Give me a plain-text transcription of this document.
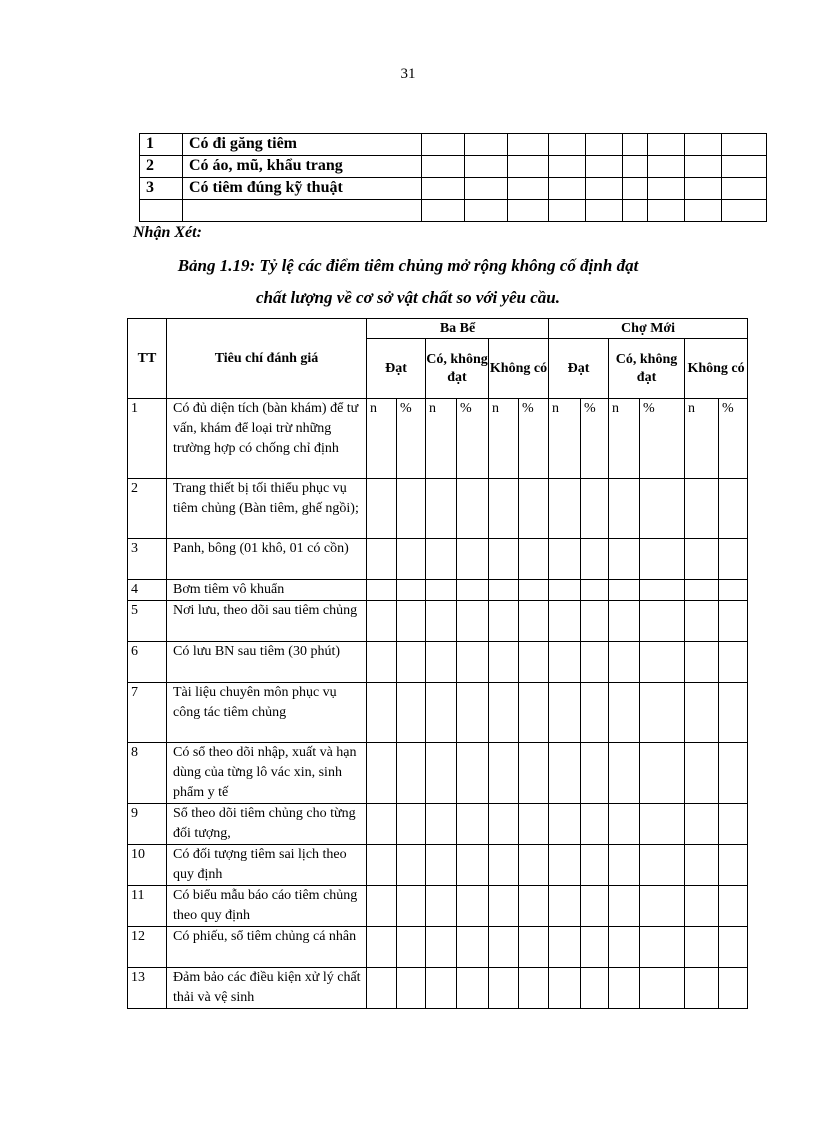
31
1	Có đi găng tiêm									
2	Có áo, mũ, khẩu trang									
3	Có tiêm đúng kỹ thuật									

Nhận Xét:
Bảng 1.19: Tỷ lệ các điểm tiêm chủng mở rộng không cố định đạt
chất lượng về cơ sở vật chất so với yêu cầu.
TT	Tiêu chí đánh giá	Ba Bể						Chợ Mới					
		Đạt		Có, không đạt		Không có		Đạt		Có, không đạt		Không có	
1	Có đủ diện tích (bàn khám) để tư vấn, khám để loại trừ những trường hợp có chống chỉ định	n	%	n	%	n	%	n	%	n	%	n	%
2	Trang thiết bị tối thiểu phục vụ tiêm chủng (Bàn tiêm, ghế ngồi);												
3	Panh, bông (01 khô, 01 có cồn)												
4	Bơm tiêm vô khuẩn												
5	Nơi lưu, theo dõi sau tiêm chủng												
6	Có lưu BN sau tiêm (30 phút)												
7	Tài liệu chuyên môn phục vụ công tác tiêm chủng												
8	Có sổ theo dõi nhập, xuất và hạn dùng của từng lô vác xin, sinh phẩm y tế												
9	Sổ theo dõi tiêm chủng cho từng đối tượng,												
10	Có đối tượng tiêm sai lịch theo quy định												
11	Có biểu mẫu báo cáo tiêm chủng theo quy định												
12	Có phiếu, sổ tiêm chủng cá nhân												
13	Đảm bảo các điều kiện xử lý chất thải và vệ sinh												
